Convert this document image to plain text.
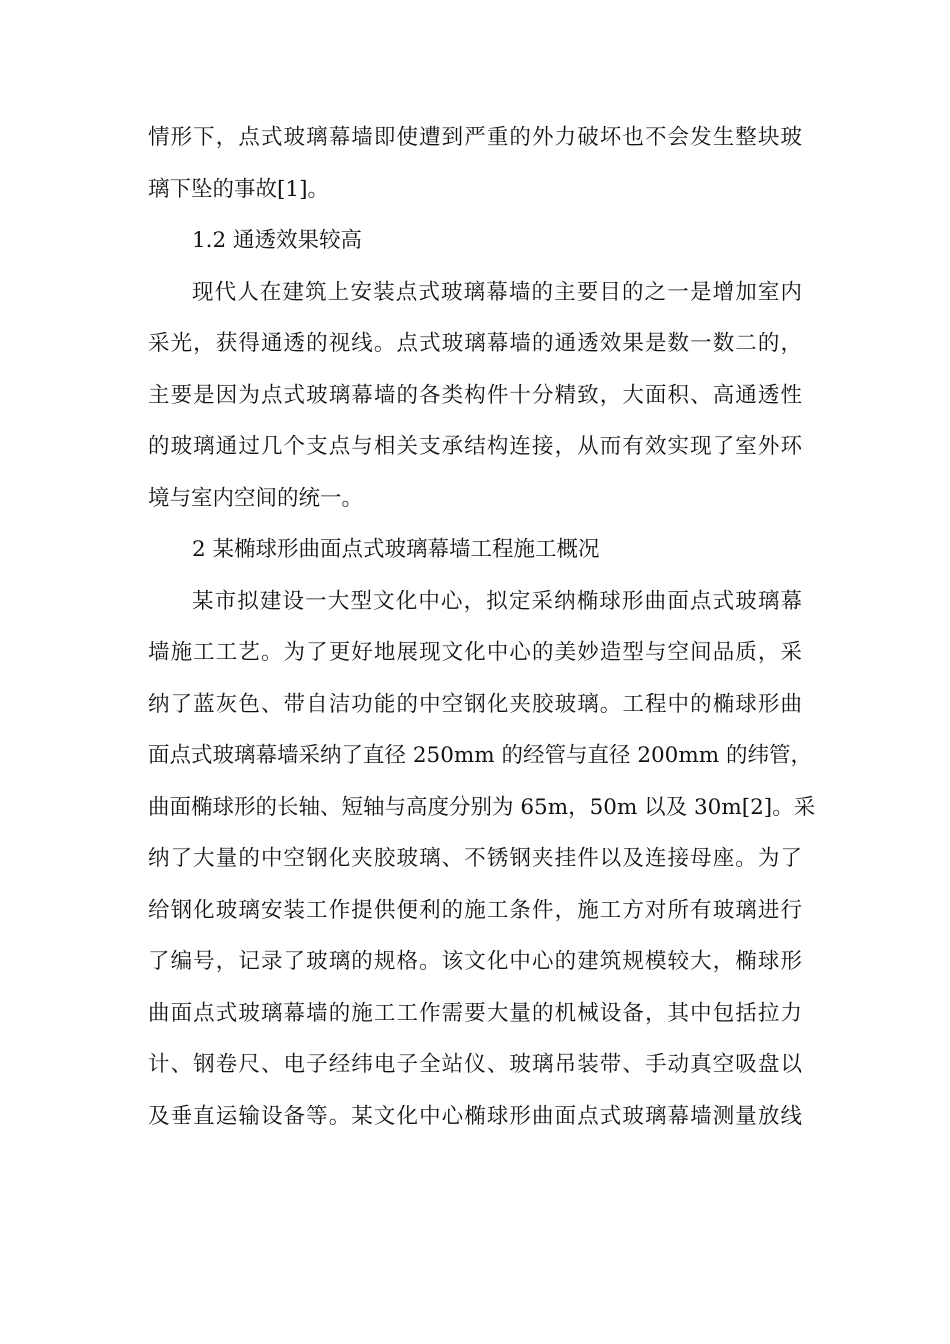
情形下，点式玻璃幕墙即使遭到严重的外力破坏也不会发生整块玻
璃下坠的事故[1]。
1.2 通透效果较高
现代人在建筑上安装点式玻璃幕墙的主要目的之一是增加室内
采光，获得通透的视线。点式玻璃幕墙的通透效果是数一数二的，
主要是因为点式玻璃幕墙的各类构件十分精致，大面积、高通透性
的玻璃通过几个支点与相关支承结构连接，从而有效实现了室外环
境与室内空间的统一。
2 某椭球形曲面点式玻璃幕墙工程施工概况
某市拟建设一大型文化中心，拟定采纳椭球形曲面点式玻璃幕
墙施工工艺。为了更好地展现文化中心的美妙造型与空间品质，采
纳了蓝灰色、带自洁功能的中空钢化夹胶玻璃。工程中的椭球形曲
面点式玻璃幕墙采纳了直径 250mm 的经管与直径 200mm 的纬管，
曲面椭球形的长轴、短轴与高度分别为 65m，50m 以及 30m[2]。采
纳了大量的中空钢化夹胶玻璃、不锈钢夹挂件以及连接母座。为了
给钢化玻璃安装工作提供便利的施工条件，施工方对所有玻璃进行
了编号，记录了玻璃的规格。该文化中心的建筑规模较大，椭球形
曲面点式玻璃幕墙的施工工作需要大量的机械设备，其中包括拉力
计、钢卷尺、电子经纬电子全站仪、玻璃吊装带、手动真空吸盘以
及垂直运输设备等。某文化中心椭球形曲面点式玻璃幕墙测量放线
